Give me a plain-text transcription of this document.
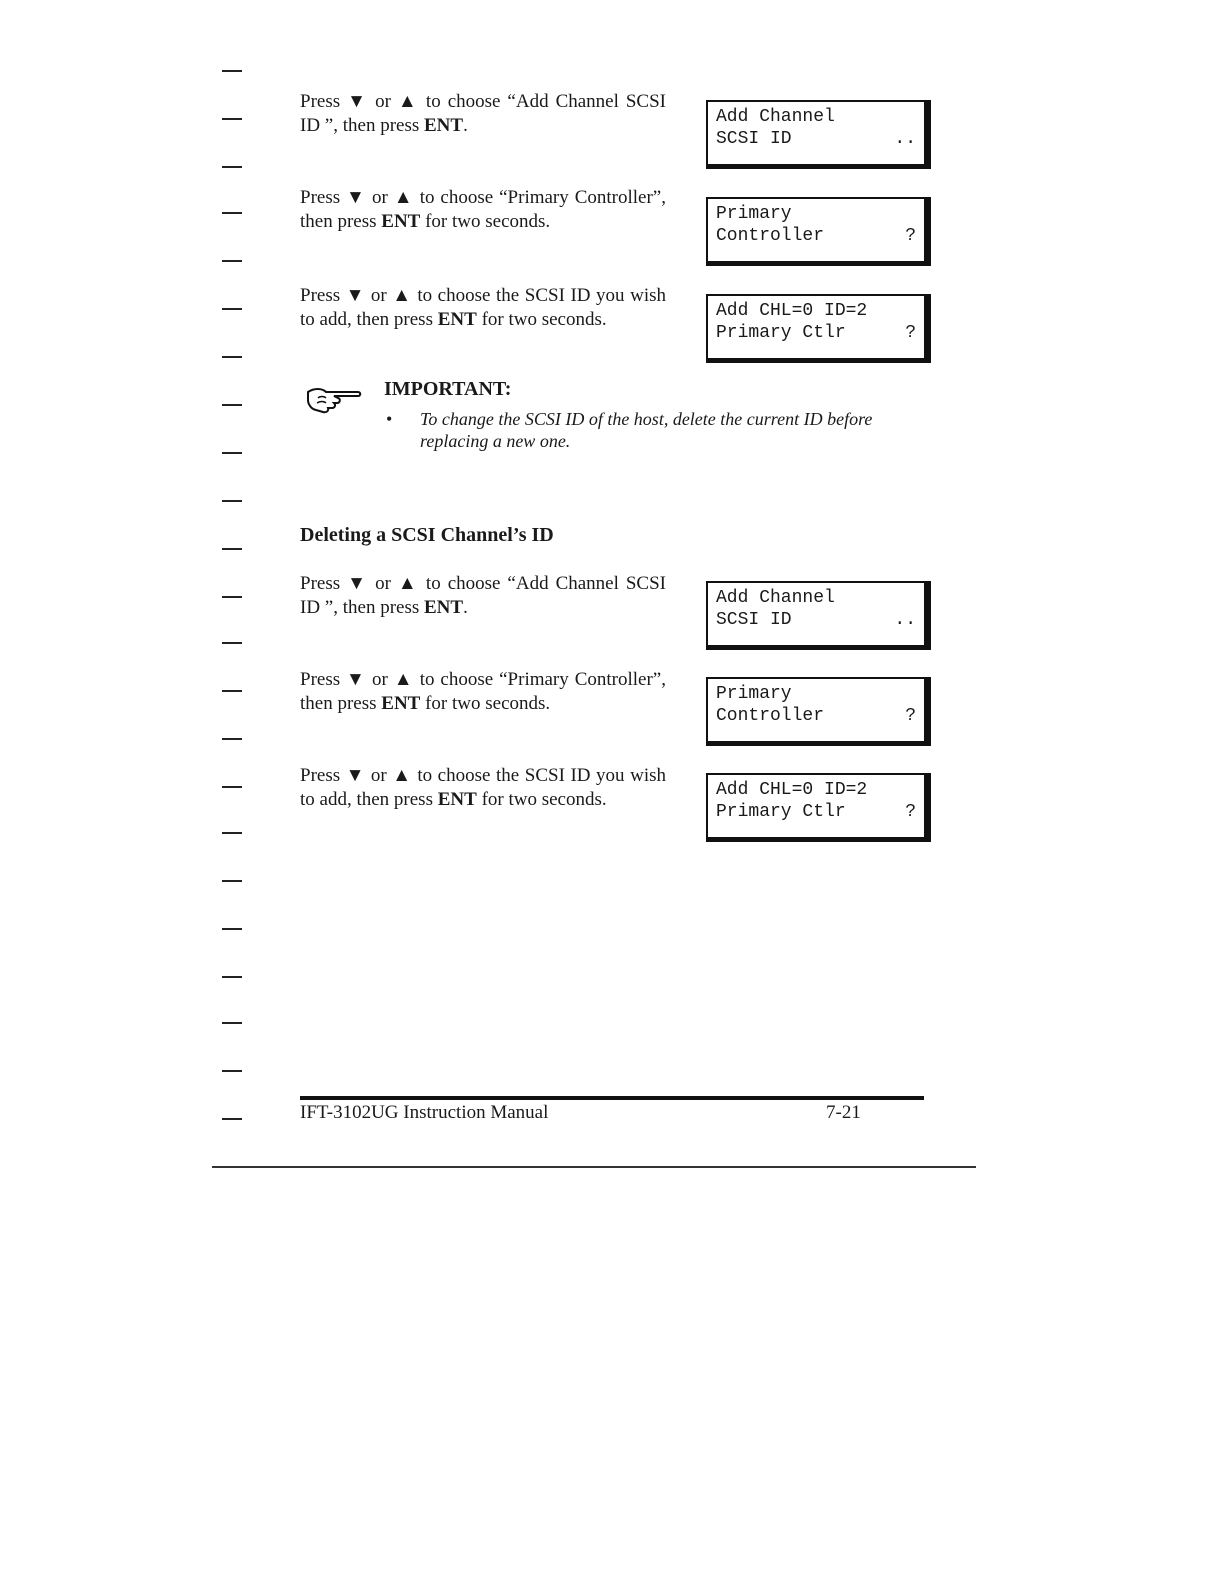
Press ▼ or ▲ to choose “Add Channel SCSI ID ”, then press ENT.	Add Channel
SCSI ID	..
Press ▼ or ▲ to choose “Primary Controller”, then press ENT for two seconds.	Primary
Controller	?
Press ▼ or ▲ to choose the SCSI ID you wish to add, then press ENT for two seconds.	Add CHL=0 ID=2
Primary Ctlr	?
IMPORTANT:
• To change the SCSI ID of the host, delete the current ID before replacing a new one.
Deleting a SCSI Channel’s ID
Press ▼ or ▲ to choose “Add Channel SCSI ID ”, then press ENT.	Add Channel
SCSI ID	..
Press ▼ or ▲ to choose “Primary Controller”, then press ENT for two seconds.	Primary
Controller	?
Press ▼ or ▲ to choose the SCSI ID you wish to add, then press ENT for two seconds.	Add CHL=0 ID=2
Primary Ctlr	?
IFT-3102UG Instruction Manual	7-21
